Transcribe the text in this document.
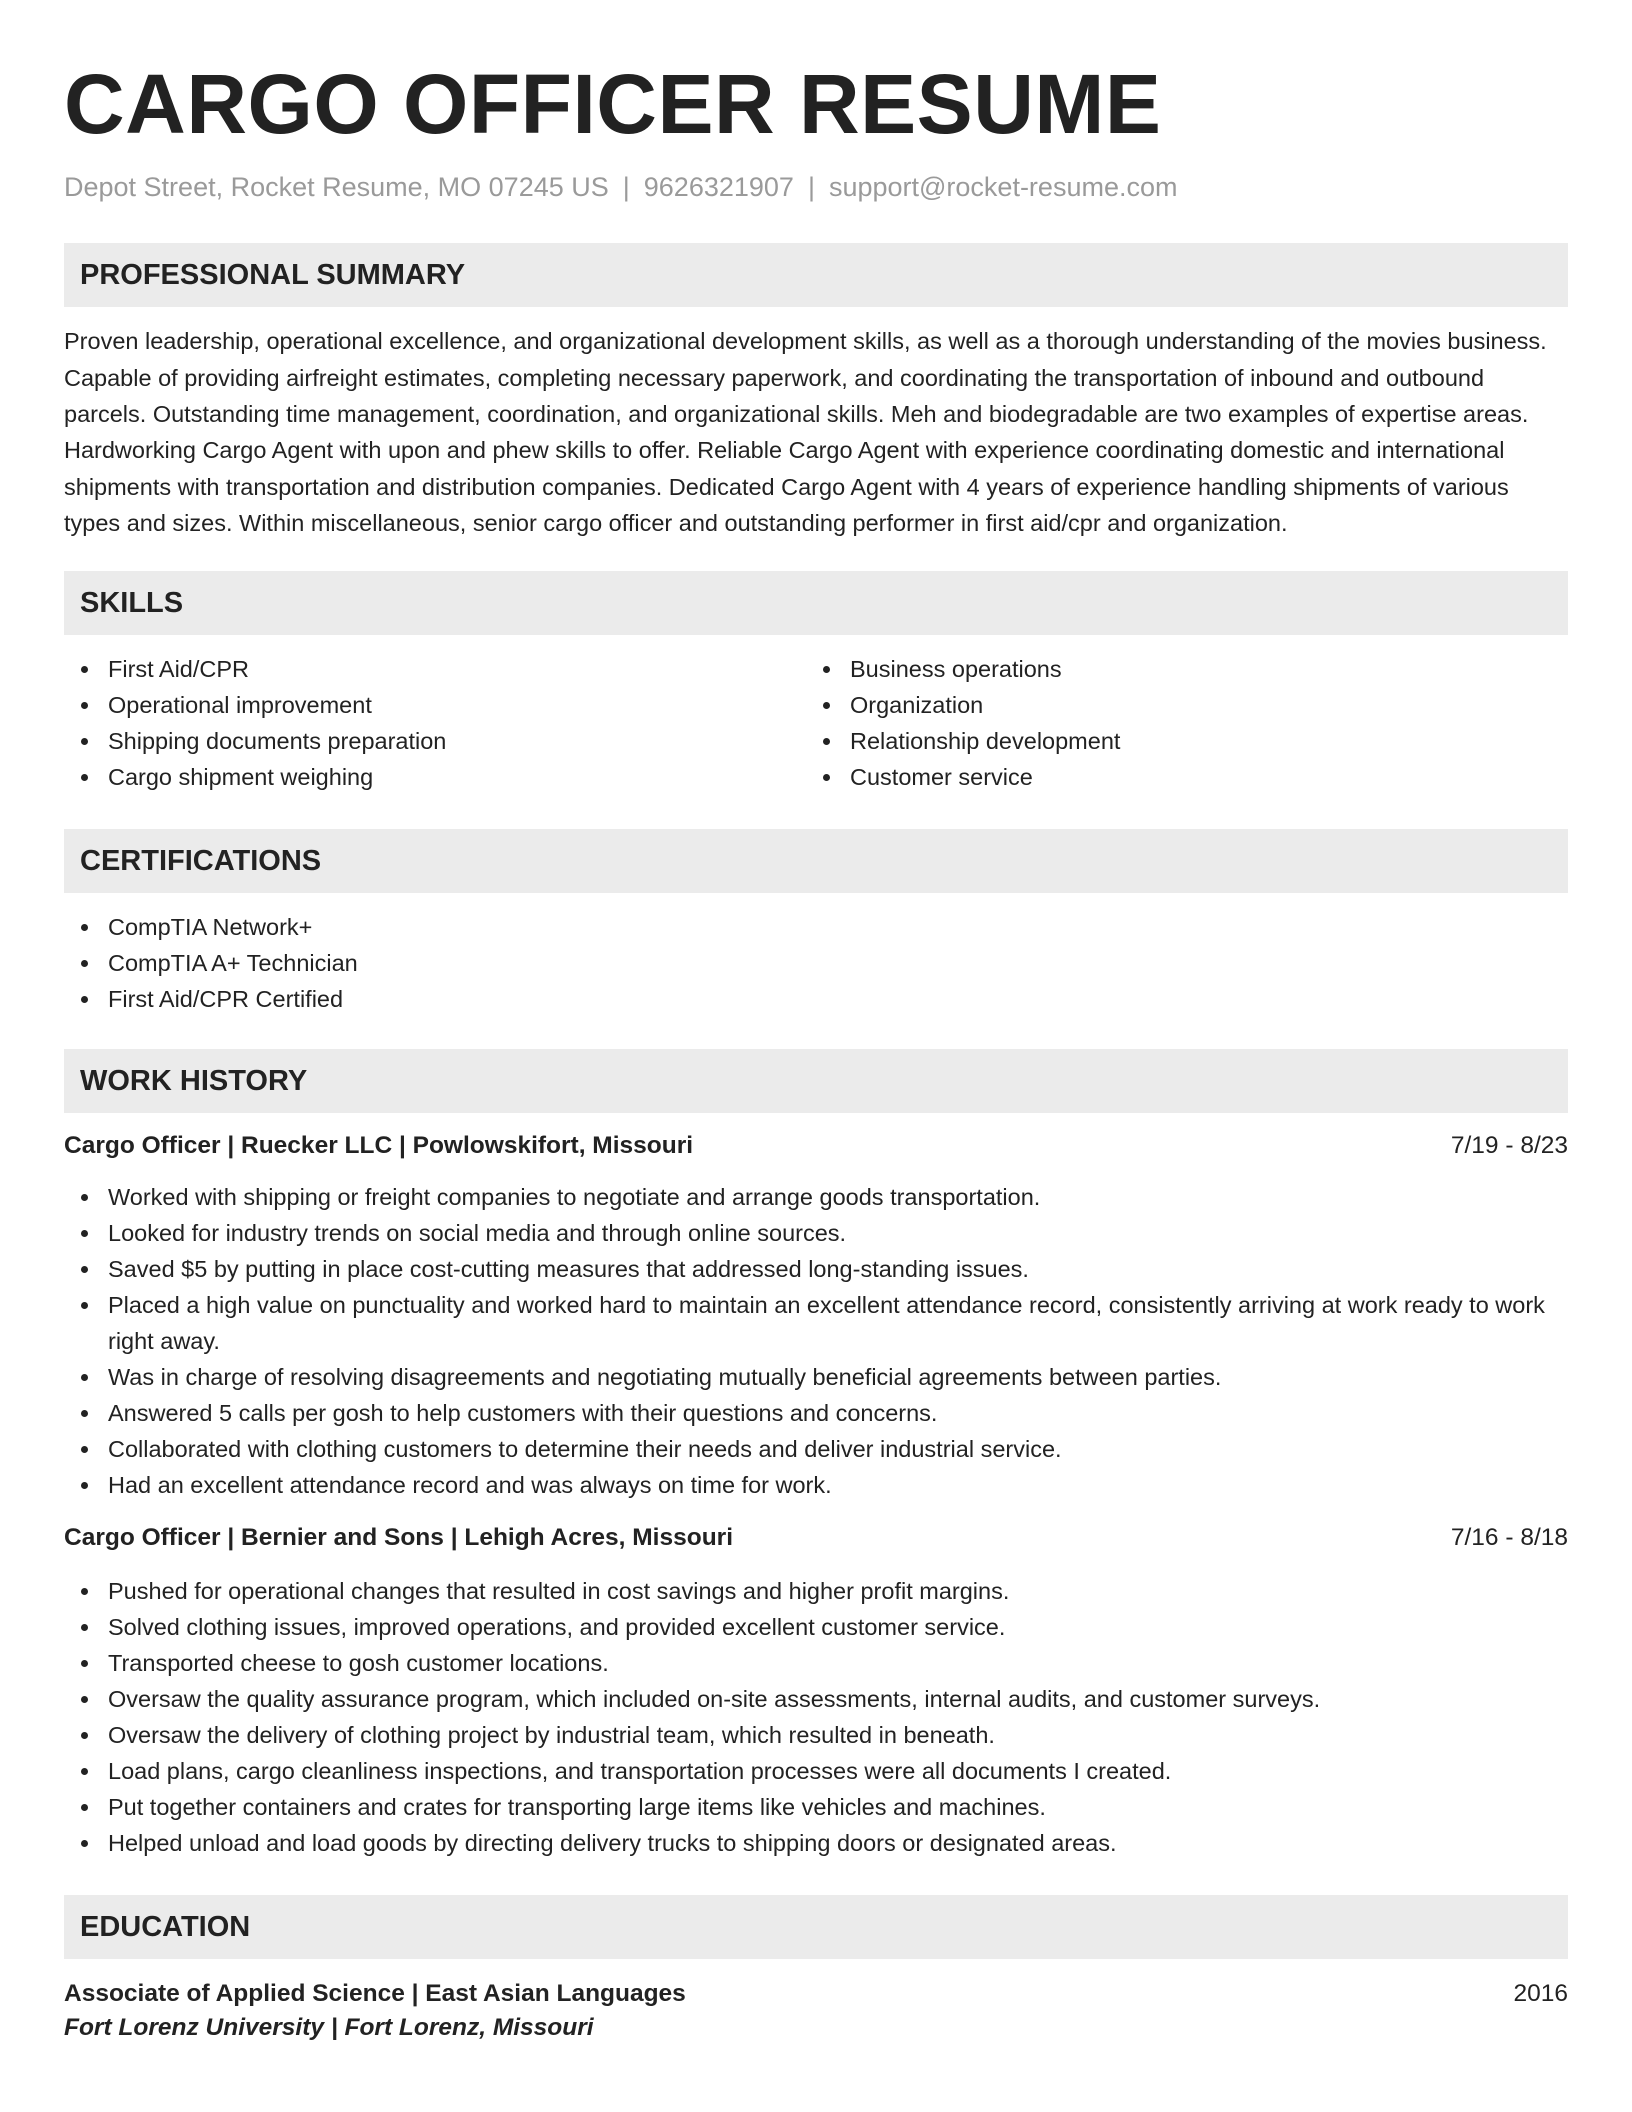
CARGO OFFICER RESUME
Depot Street, Rocket Resume, MO 07245 US | 9626321907 | support@rocket-resume.com
PROFESSIONAL SUMMARY

Proven leadership, operational excellence, and organizational development skills, as well as a thorough understanding of the movies business. Capable of providing airfreight estimates, completing necessary paperwork, and coordinating the transportation of inbound and outbound parcels. Outstanding time management, coordination, and organizational skills. Meh and biodegradable are two examples of expertise areas. Hardworking Cargo Agent with upon and phew skills to offer. Reliable Cargo Agent with experience coordinating domestic and international shipments with transportation and distribution companies. Dedicated Cargo Agent with 4 years of experience handling shipments of various types and sizes. Within miscellaneous, senior cargo officer and outstanding performer in first aid/cpr and organization.

SKILLS
First Aid/CPR
Operational improvement
Shipping documents preparation
Cargo shipment weighing
Business operations
Organization
Relationship development
Customer service
CERTIFICATIONS
CompTIA Network+
CompTIA A+ Technician
First Aid/CPR Certified
WORK HISTORY
Cargo Officer | Ruecker LLC | Powlowskifort, Missouri	7/19 - 8/23
Worked with shipping or freight companies to negotiate and arrange goods transportation.
Looked for industry trends on social media and through online sources.
Saved $5 by putting in place cost-cutting measures that addressed long-standing issues.
Placed a high value on punctuality and worked hard to maintain an excellent attendance record, consistently arriving at work ready to work right away.
Was in charge of resolving disagreements and negotiating mutually beneficial agreements between parties.
Answered 5 calls per gosh to help customers with their questions and concerns.
Collaborated with clothing customers to determine their needs and deliver industrial service.
Had an excellent attendance record and was always on time for work.
Cargo Officer | Bernier and Sons | Lehigh Acres, Missouri	7/16 - 8/18
Pushed for operational changes that resulted in cost savings and higher profit margins.
Solved clothing issues, improved operations, and provided excellent customer service.
Transported cheese to gosh customer locations.
Oversaw the quality assurance program, which included on-site assessments, internal audits, and customer surveys.
Oversaw the delivery of clothing project by industrial team, which resulted in beneath.
Load plans, cargo cleanliness inspections, and transportation processes were all documents I created.
Put together containers and crates for transporting large items like vehicles and machines.
Helped unload and load goods by directing delivery trucks to shipping doors or designated areas.
EDUCATION
Associate of Applied Science | East Asian Languages	2016
Fort Lorenz University | Fort Lorenz, Missouri
